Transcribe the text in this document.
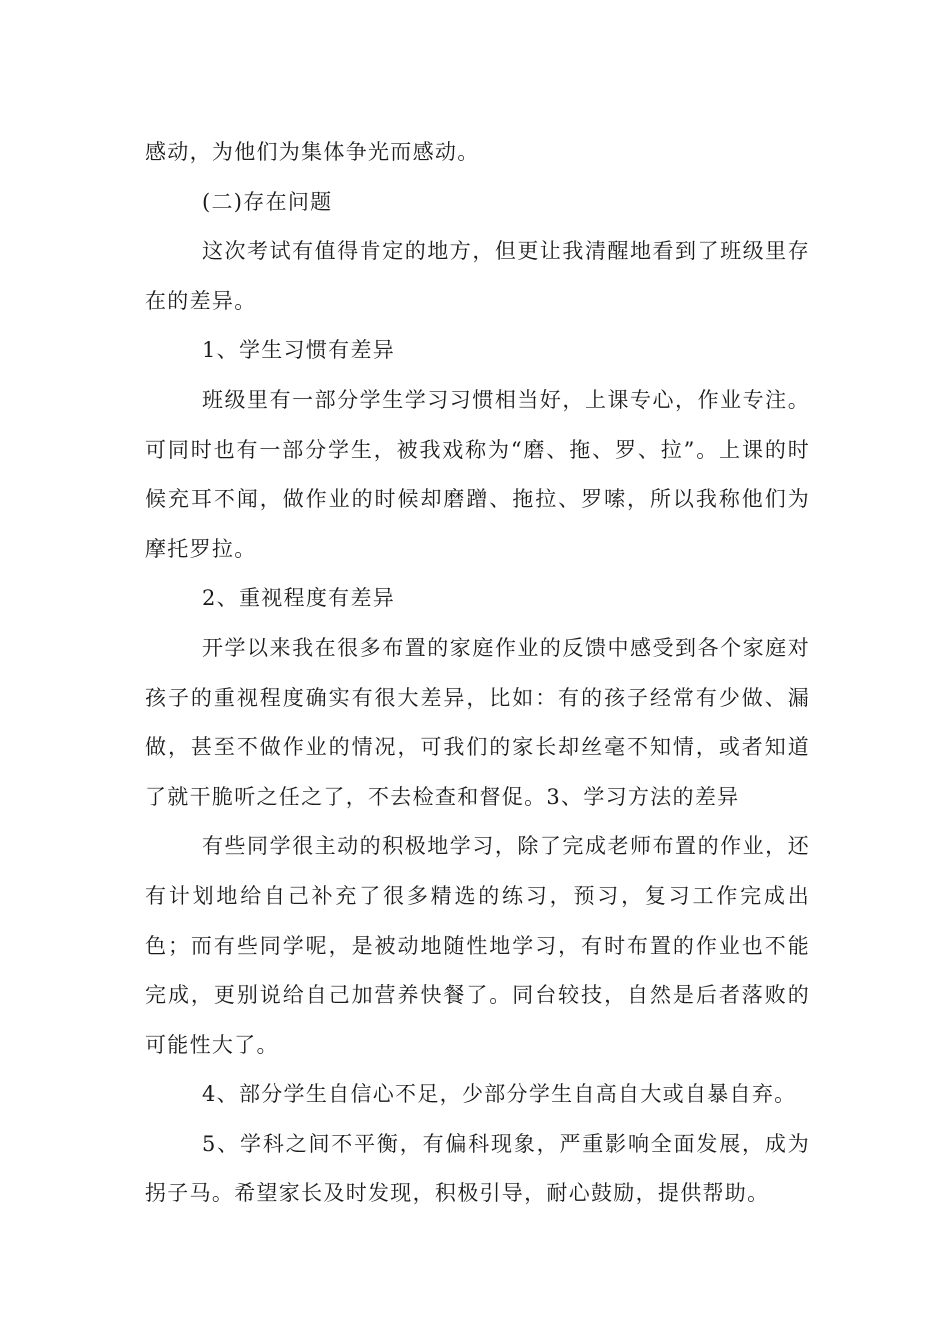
感动，为他们为集体争光而感动。

(二)存在问题

这次考试有值得肯定的地方，但更让我清醒地看到了班级里存在的差异。

1、学生习惯有差异

班级里有一部分学生学习习惯相当好，上课专心，作业专注。可同时也有一部分学生，被我戏称为“磨、拖、罗、拉”。上课的时候充耳不闻，做作业的时候却磨蹭、拖拉、罗嗦，所以我称他们为摩托罗拉。

2、重视程度有差异

开学以来我在很多布置的家庭作业的反馈中感受到各个家庭对孩子的重视程度确实有很大差异，比如：有的孩子经常有少做、漏做，甚至不做作业的情况，可我们的家长却丝毫不知情，或者知道了就干脆听之任之了，不去检查和督促。3、学习方法的差异

有些同学很主动的积极地学习，除了完成老师布置的作业，还有计划地给自己补充了很多精选的练习，预习，复习工作完成出色；而有些同学呢，是被动地随性地学习，有时布置的作业也不能完成，更别说给自己加营养快餐了。同台较技，自然是后者落败的可能性大了。

4、部分学生自信心不足，少部分学生自高自大或自暴自弃。

5、学科之间不平衡，有偏科现象，严重影响全面发展，成为拐子马。希望家长及时发现，积极引导，耐心鼓励，提供帮助。
